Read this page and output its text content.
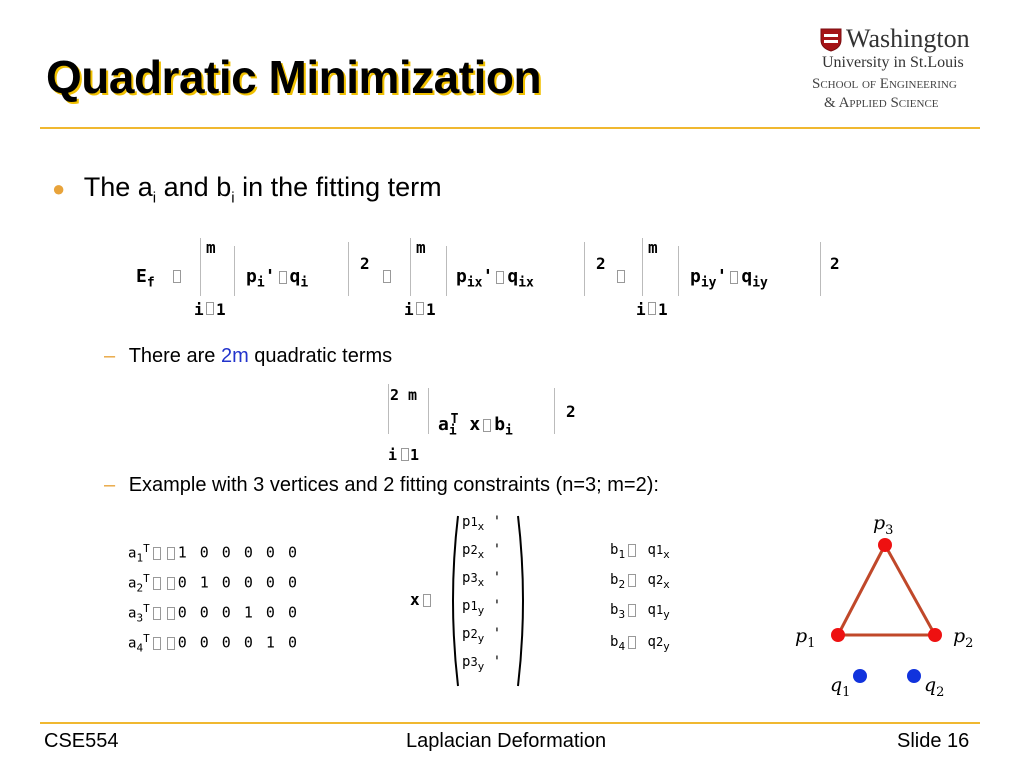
Quadratic Minimization
Washington
University in St.Louis
School of Engineering
& Applied Science
● The $a_i$ and $b_i$ in the fitting term
$E_f$
m
i 1
$p_i'$ $q_i$
2
m
i 1
$p_{ix}'$ $q_{ix}$
2
m
i 1
$p_{iy}'$ $q_{iy}$
2
– There are 2m quadratic terms
2 m
i 1
$a_i^T$ x $b_i$
2
– Example with 3 vertices and 2 fitting constraints (n=3; m=2):
$a_1^T$ 1 0 0 0 0 0
$a_2^T$ 0 1 0 0 0 0
$a_3^T$ 0 0 0 1 0 0
$a_4^T$ 0 0 0 0 1 0
x
$p1_x$ '
$p2_x$ '
$p3_x$ '
$p1_y$ '
$p2_y$ '
$p3_y$ '
$b_1$ $q1_x$
$b_2$ $q2_x$
$b_3$ $q1_y$
$b_4$ $q2_y$
$p_3$
$p_1$	$p_2$
$q_1$	$q_2$
CSE554	Laplacian Deformation	Slide 16
